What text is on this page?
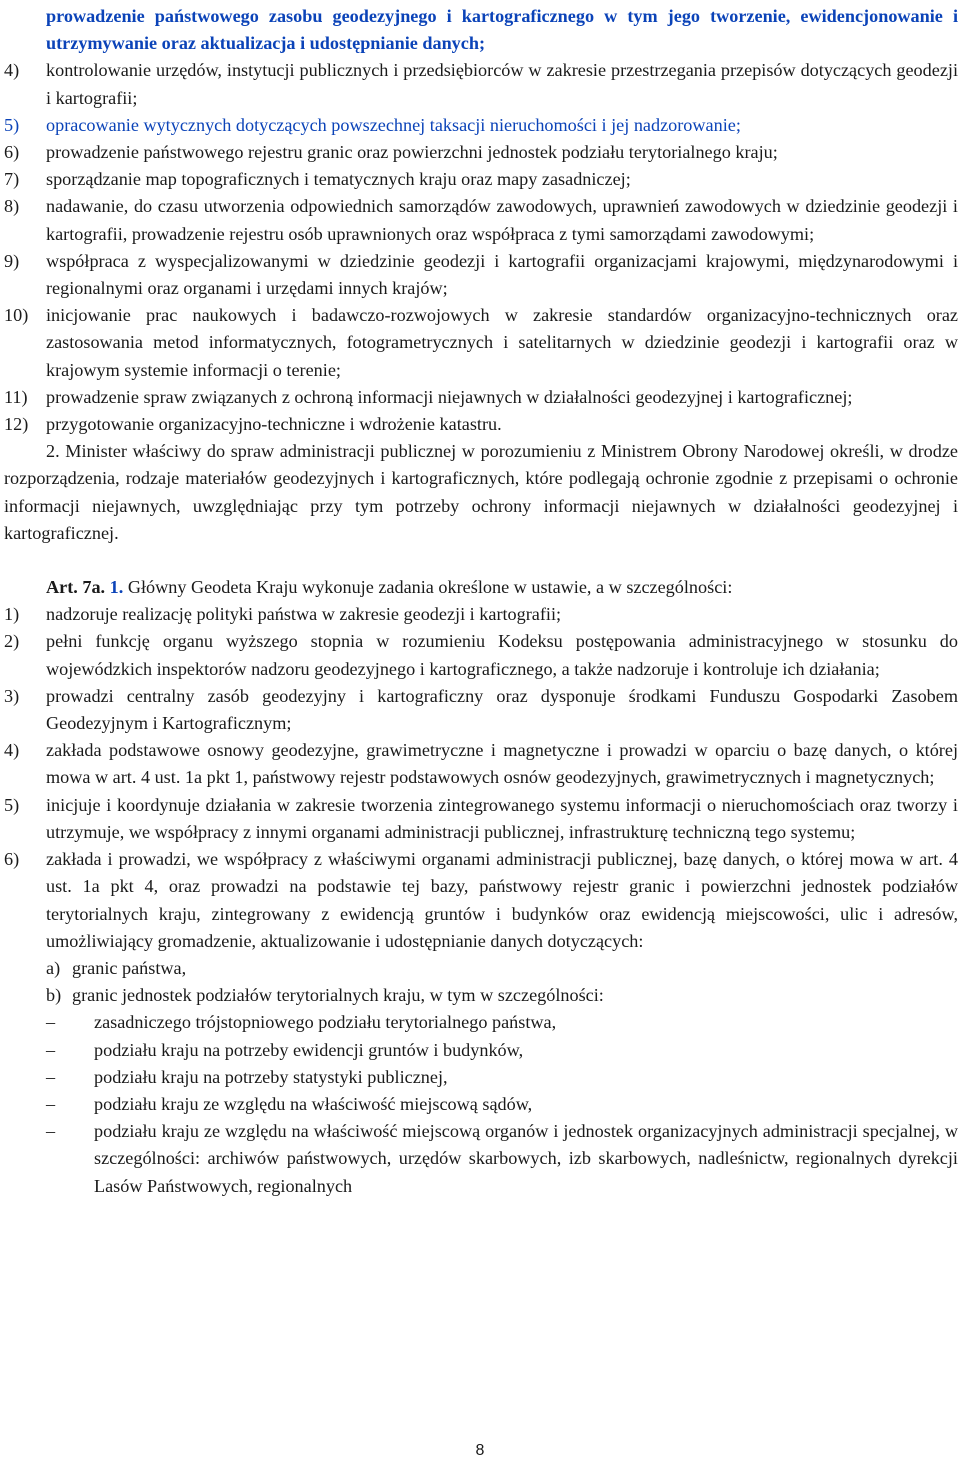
prowadzenie państwowego zasobu geodezyjnego i kartograficznego w tym jego tworzenie, ewidencjonowanie i utrzymywanie oraz aktualizacja i udostępnianie danych;

4) kontrolowanie urzędów, instytucji publicznych i przedsiębiorców w zakresie przestrzegania przepisów dotyczących geodezji i kartografii;
5) opracowanie wytycznych dotyczących powszechnej taksacji nieruchomości i jej nadzorowanie;
6) prowadzenie państwowego rejestru granic oraz powierzchni jednostek podziału terytorialnego kraju;
7) sporządzanie map topograficznych i tematycznych kraju oraz mapy zasadniczej;
8) nadawanie, do czasu utworzenia odpowiednich samorządów zawodowych, uprawnień zawodowych w dziedzinie geodezji i kartografii, prowadzenie rejestru osób uprawnionych oraz współpraca z tymi samorządami zawodowymi;
9) współpraca z wyspecjalizowanymi w dziedzinie geodezji i kartografii organizacjami krajowymi, międzynarodowymi i regionalnymi oraz organami i urzędami innych krajów;
10) inicjowanie prac naukowych i badawczo-rozwojowych w zakresie standardów organizacyjno-technicznych oraz zastosowania metod informatycznych, fotogrametrycznych i satelitarnych w dziedzinie geodezji i kartografii oraz w krajowym systemie informacji o terenie;
11) prowadzenie spraw związanych z ochroną informacji niejawnych w działalności geodezyjnej i kartograficznej;
12) przygotowanie organizacyjno-techniczne i wdrożenie katastru.

2. Minister właściwy do spraw administracji publicznej w porozumieniu z Ministrem Obrony Narodowej określi, w drodze rozporządzenia, rodzaje materiałów geodezyjnych i kartograficznych, które podlegają ochronie zgodnie z przepisami o ochronie informacji niejawnych, uwzględniając przy tym potrzeby ochrony informacji niejawnych w działalności geodezyjnej i kartograficznej.

Art. 7a. 1. Główny Geodeta Kraju wykonuje zadania określone w ustawie, a w szczególności:

1) nadzoruje realizację polityki państwa w zakresie geodezji i kartografii;
2) pełni funkcję organu wyższego stopnia w rozumieniu Kodeksu postępowania administracyjnego w stosunku do wojewódzkich inspektorów nadzoru geodezyjnego i kartograficznego, a także nadzoruje i kontroluje ich działania;
3) prowadzi centralny zasób geodezyjny i kartograficzny oraz dysponuje środkami Funduszu Gospodarki Zasobem Geodezyjnym i Kartograficznym;
4) zakłada podstawowe osnowy geodezyjne, grawimetryczne i magnetyczne i prowadzi w oparciu o bazę danych, o której mowa w art. 4 ust. 1a pkt 1, państwowy rejestr podstawowych osnów geodezyjnych, grawimetrycznych i magnetycznych;
5) inicjuje i koordynuje działania w zakresie tworzenia zintegrowanego systemu informacji o nieruchomościach oraz tworzy i utrzymuje, we współpracy z innymi organami administracji publicznej, infrastrukturę techniczną tego systemu;
6) zakłada i prowadzi, we współpracy z właściwymi organami administracji publicznej, bazę danych, o której mowa w art. 4 ust. 1a pkt 4, oraz prowadzi na podstawie tej bazy, państwowy rejestr granic i powierzchni jednostek podziałów terytorialnych kraju, zintegrowany z ewidencją gruntów i budynków oraz ewidencją miejscowości, ulic i adresów, umożliwiający gromadzenie, aktualizowanie i udostępnianie danych dotyczących:
a) granic państwa,
b) granic jednostek podziałów terytorialnych kraju, w tym w szczególności:
– zasadniczego trójstopniowego podziału terytorialnego państwa,
– podziału kraju na potrzeby ewidencji gruntów i budynków,
– podziału kraju na potrzeby statystyki publicznej,
– podziału kraju ze względu na właściwość miejscową sądów,
– podziału kraju ze względu na właściwość miejscową organów i jednostek organizacyjnych administracji specjalnej, w szczególności: archiwów państwowych, urzędów skarbowych, izb skarbowych, nadleśnictw, regionalnych dyrekcji Lasów Państwowych, regionalnych
8
